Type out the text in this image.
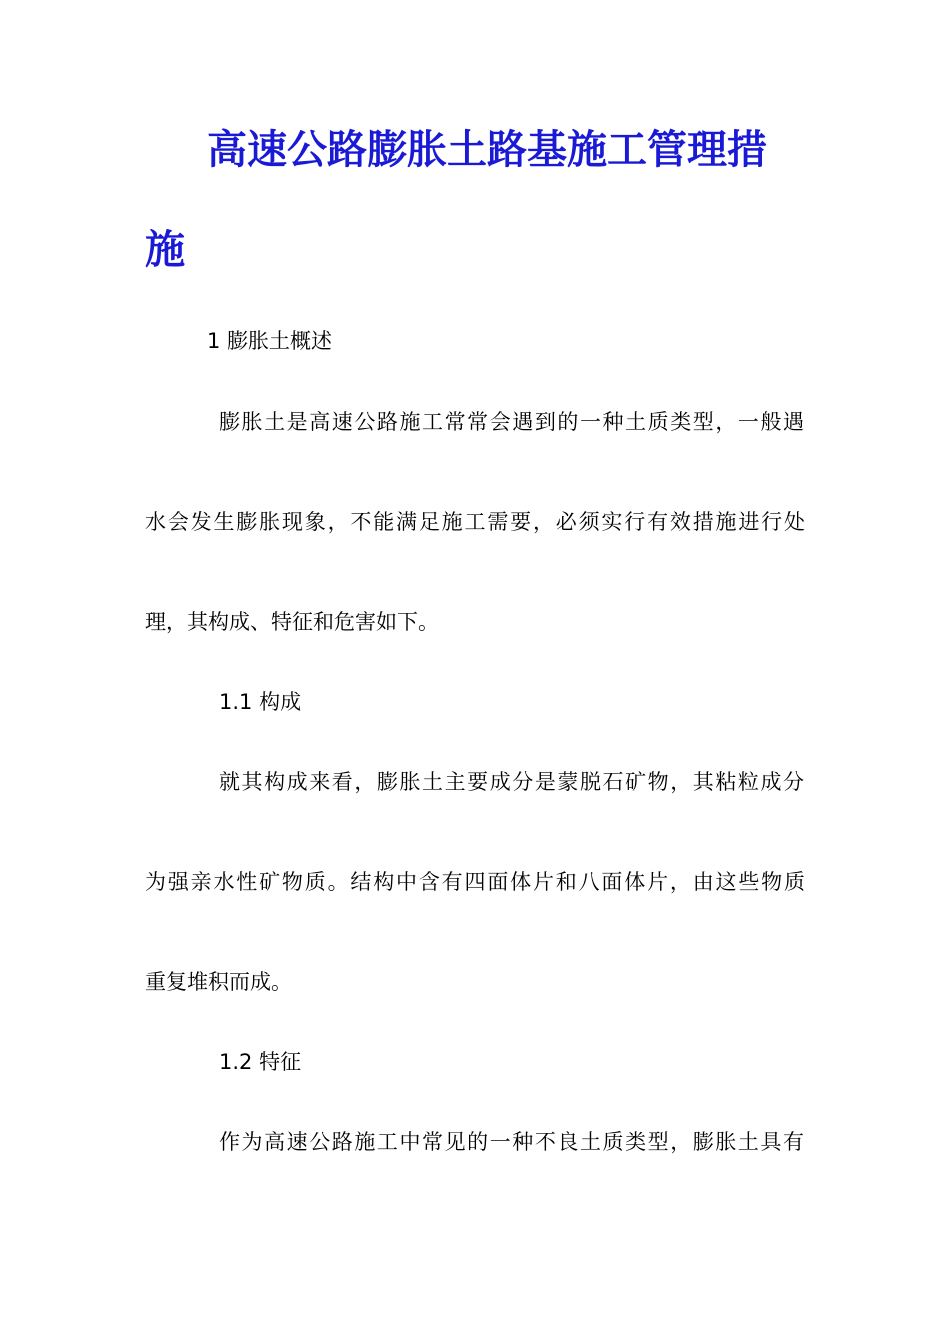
高速公路膨胀土路基施工管理措
施
1 膨胀土概述
膨胀土是高速公路施工常常会遇到的一种土质类型，一般遇
水会发生膨胀现象，不能满足施工需要，必须实行有效措施进行处
理，其构成、特征和危害如下。
1.1 构成
就其构成来看，膨胀土主要成分是蒙脱石矿物，其粘粒成分
为强亲水性矿物质。结构中含有四面体片和八面体片，由这些物质
重复堆积而成。
1.2 特征
作为高速公路施工中常见的一种不良土质类型，膨胀土具有
